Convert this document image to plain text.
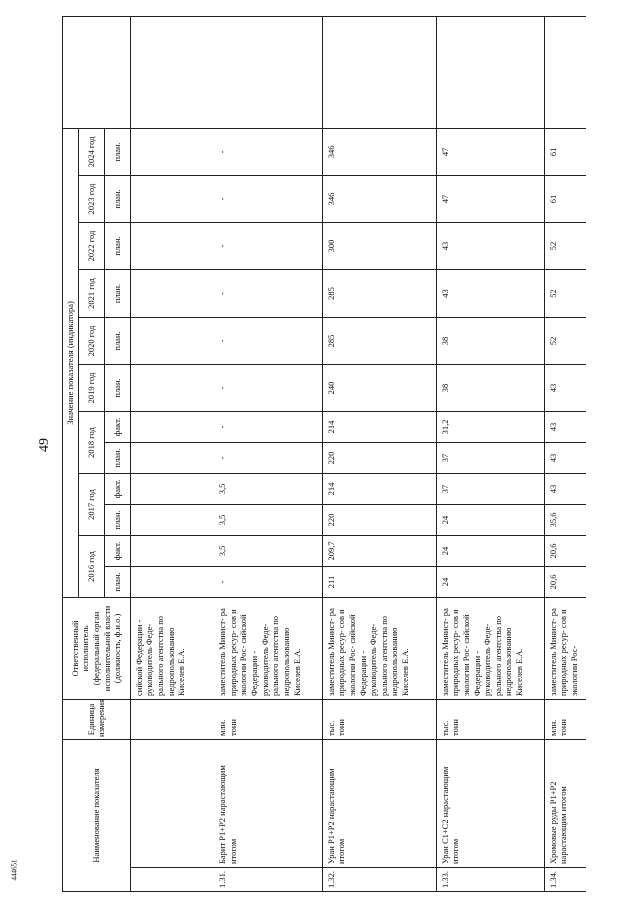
49
444651
Наименование показателя		Единица измерения	Ответственный исполнитель (федеральный орган исполнительной власти (должность, ф.и.о.)	Значение показателя (индикатора)												
				2016 год		2017 год		2018 год		2019 год	2020 год	2021 год	2022 год	2023 год	2024 год	

				план.	факт.	план.	факт.	план.	факт.	план.	план.	план.	план.	план.	план.	
			сийской Федерации - руководитель Феде- рального агентства по недропользованию Киселев Е.А.													
1.31.	Барит P1+P2 нарастающим итогом	млн. тонн	заместитель Минист- ра природных ресур- сов и экологии Рос- сийской Федерации - руководитель Феде- рального агентства по недропользованию Киселев Е.А.	-	3,5	3,5	3,5	-	-	-	-	-	-	-	-	
1.32.	Уран P1+P2 нарастающим итогом	тыс. тонн	заместитель Минист- ра природных ресур- сов и экологии Рос- сийской Федерации - руководитель Феде- рального агентства по недропользованию Киселев Е.А.	211	209,7	220	214	220	214	240	285	285	300	346	346	
1.33.	Уран C1+C2 нарастающим итогом	тыс. тонн	заместитель Минист- ра природных ресур- сов и экологии Рос- сийской Федерации - руководитель Феде- рального агентства по недропользованию Киселев Е.А.	24	24	24	37	37	31,2	38	38	43	43	47	47	
1.34.	Хромовые руды P1+P2 нарастающим итогом	млн. тонн	заместитель Минист- ра природных ресур- сов и экологии Рос-	20,6	20,6	35,6	43	43	43	43	52	52	52	61	61	
